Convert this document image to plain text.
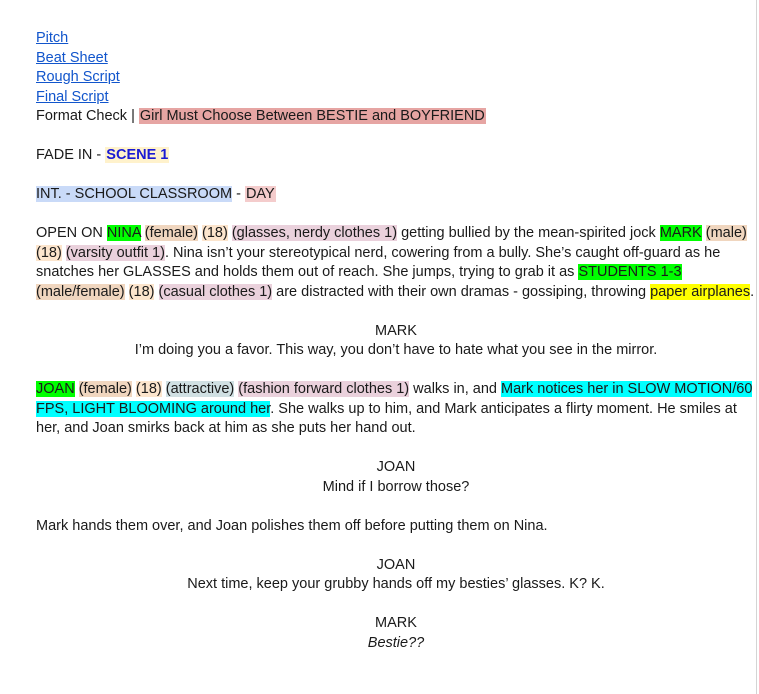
Pitch
Beat Sheet
Rough Script
Final Script

Format Check | Girl Must Choose Between BESTIE and BOYFRIEND

FADE IN - SCENE 1

INT. - SCHOOL CLASSROOM - DAY

OPEN ON NINA (female) (18) (glasses, nerdy clothes 1) getting bullied by the mean-spirited jock MARK (male) (18) (varsity outfit 1). Nina isn’t your stereotypical nerd, cowering from a bully. She’s caught off-guard as he snatches her GLASSES and holds them out of reach. She jumps, trying to grab it as STUDENTS 1-3 (male/female) (18) (casual clothes 1) are distracted with their own dramas - gossiping, throwing paper airplanes.

MARK

I’m doing you a favor. This way, you don’t have to hate what you see in the mirror.

JOAN (female) (18) (attractive) (fashion forward clothes 1) walks in, and Mark notices her in SLOW MOTION/60 FPS, LIGHT BLOOMING around her. She walks up to him, and Mark anticipates a flirty moment. He smiles at her, and Joan smirks back at him as she puts her hand out.

JOAN

Mind if I borrow those?

Mark hands them over, and Joan polishes them off before putting them on Nina.

JOAN

Next time, keep your grubby hands off my besties’ glasses. K? K.

MARK

Bestie??
